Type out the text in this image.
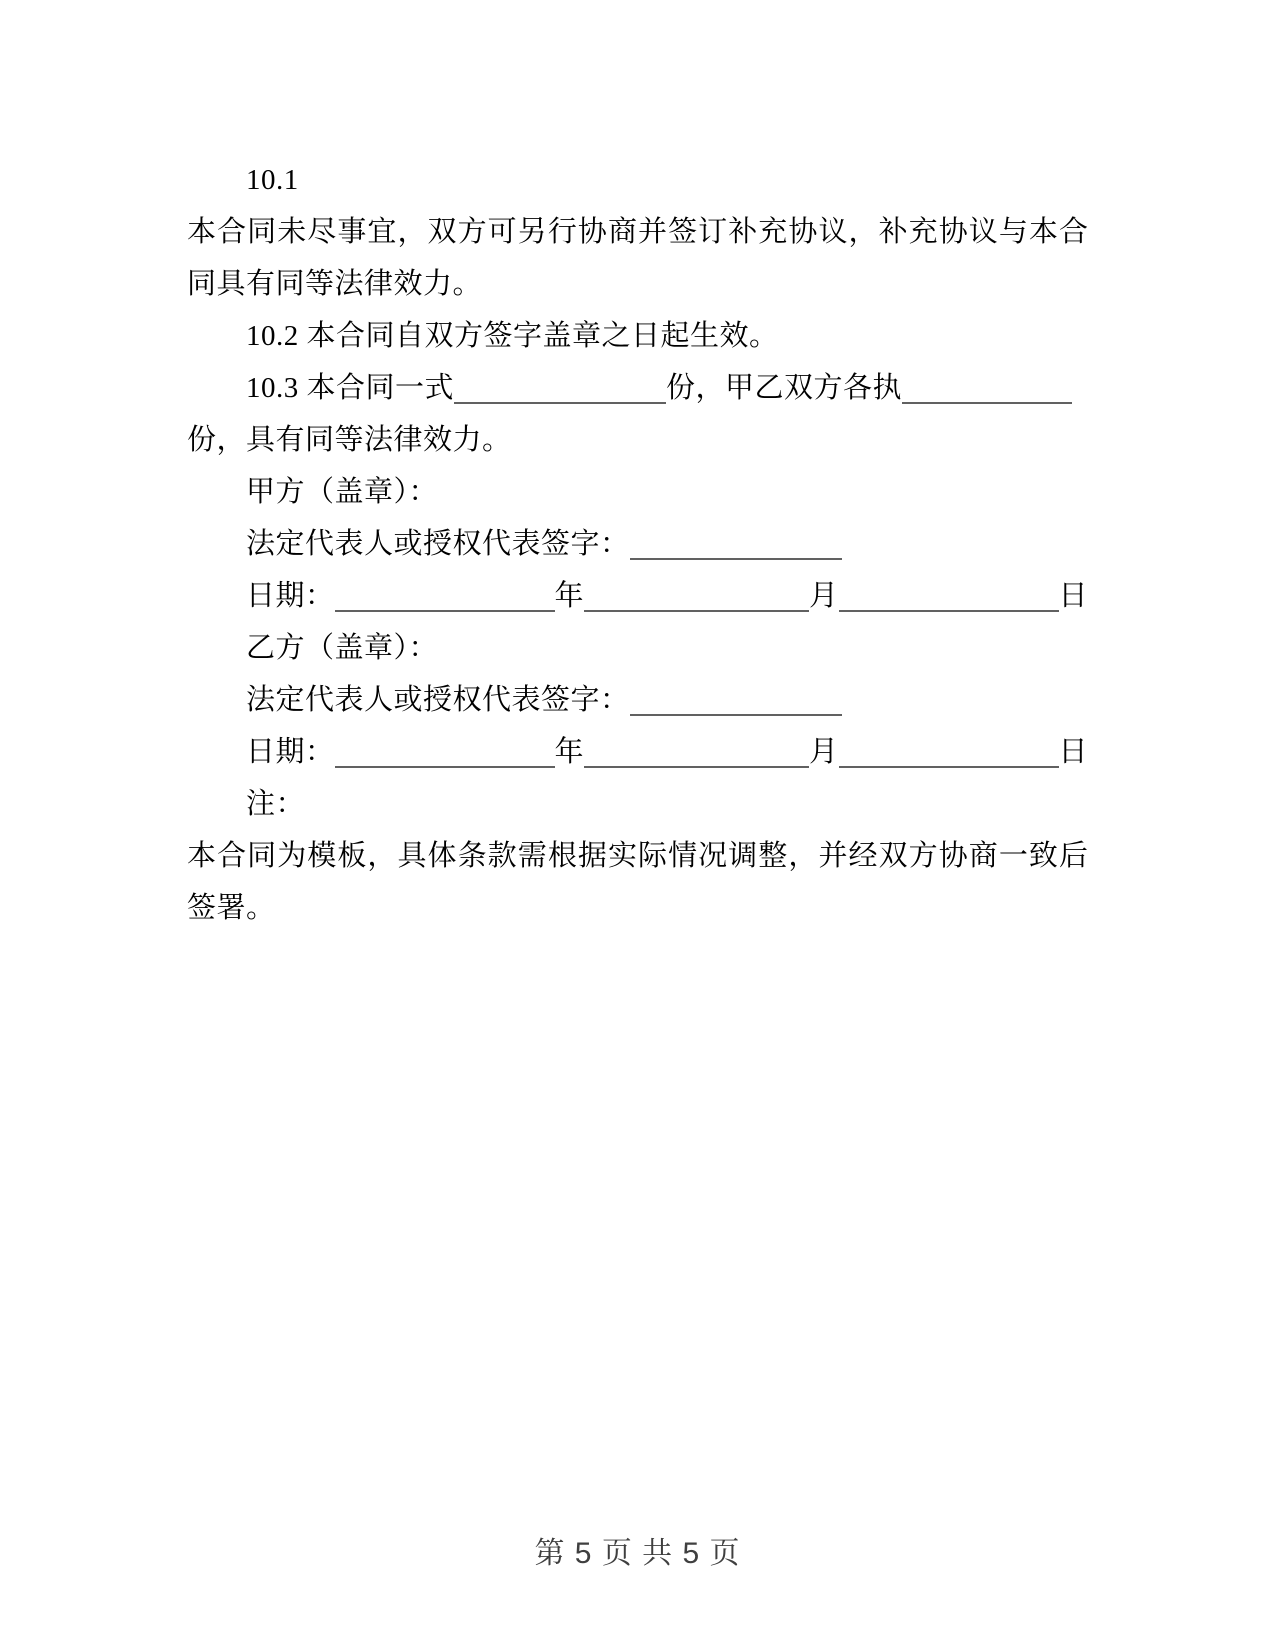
10.1
本合同未尽事宜，双方可另行协商并签订补充协议，补充协议与本合
同具有同等法律效力。
10.2 本合同自双方签字盖章之日起生效。
10.3 本合同一式	份，甲乙双方各执
份，具有同等法律效力。
甲方（盖章）：
法定代表人或授权代表签字：
日期：	年	月	日
乙方（盖章）：
法定代表人或授权代表签字：
日期：	年	月	日
注：
本合同为模板，具体条款需根据实际情况调整，并经双方协商一致后
签署。
第 5 页 共 5 页
